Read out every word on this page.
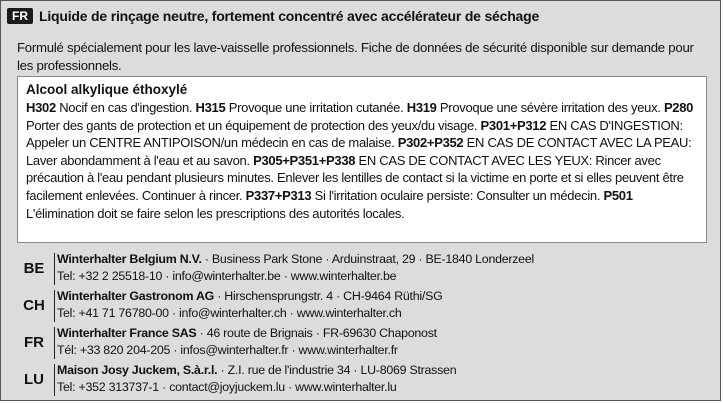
FR Liquide de rinçage neutre, fortement concentré avec accélérateur de séchage
Formulé spécialement pour les lave-vaisselle professionnels. Fiche de données de sécurité disponible sur demande pour les professionnels.
Alcool alkylique éthoxylé
H302 Nocif en cas d'ingestion. H315 Provoque une irritation cutanée. H319 Provoque une sévère irritation des yeux. P280 Porter des gants de protection et un équipement de protection des yeux/du visage. P301+P312 EN CAS D'INGESTION: Appeler un CENTRE ANTIPOISON/un médecin en cas de malaise. P302+P352 EN CAS DE CONTACT AVEC LA PEAU: Laver abondamment à l'eau et au savon. P305+P351+P338 EN CAS DE CONTACT AVEC LES YEUX: Rincer avec précaution à l'eau pendant plusieurs minutes. Enlever les lentilles de contact si la victime en porte et si elles peuvent être facilement enlevées. Continuer à rincer. P337+P313 Si l'irritation oculaire persiste: Consulter un médecin. P501 L'élimination doit se faire selon les prescriptions des autorités locales.
BE
Winterhalter Belgium N.V. · Business Park Stone · Arduinstraat, 29 · BE-1840 Londerzeel
Tel: +32 2 25518-10 · info@winterhalter.be · www.winterhalter.be
CH
Winterhalter Gastronom AG · Hirschensprungstr. 4 · CH-9464 Rüthi/SG
Tel: +41 71 76780-00 · info@winterhalter.ch · www.winterhalter.ch
FR
Winterhalter France SAS · 46 route de Brignais · FR-69630 Chaponost
Tél: +33 820 204-205 · infos@winterhalter.fr · www.winterhalter.fr
LU
Maison Josy Juckem, S.à.r.l. · Z.I. rue de l'industrie 34 · LU-8069 Strassen
Tel: +352 313737-1 · contact@joyjuckem.lu · www.winterhalter.lu
